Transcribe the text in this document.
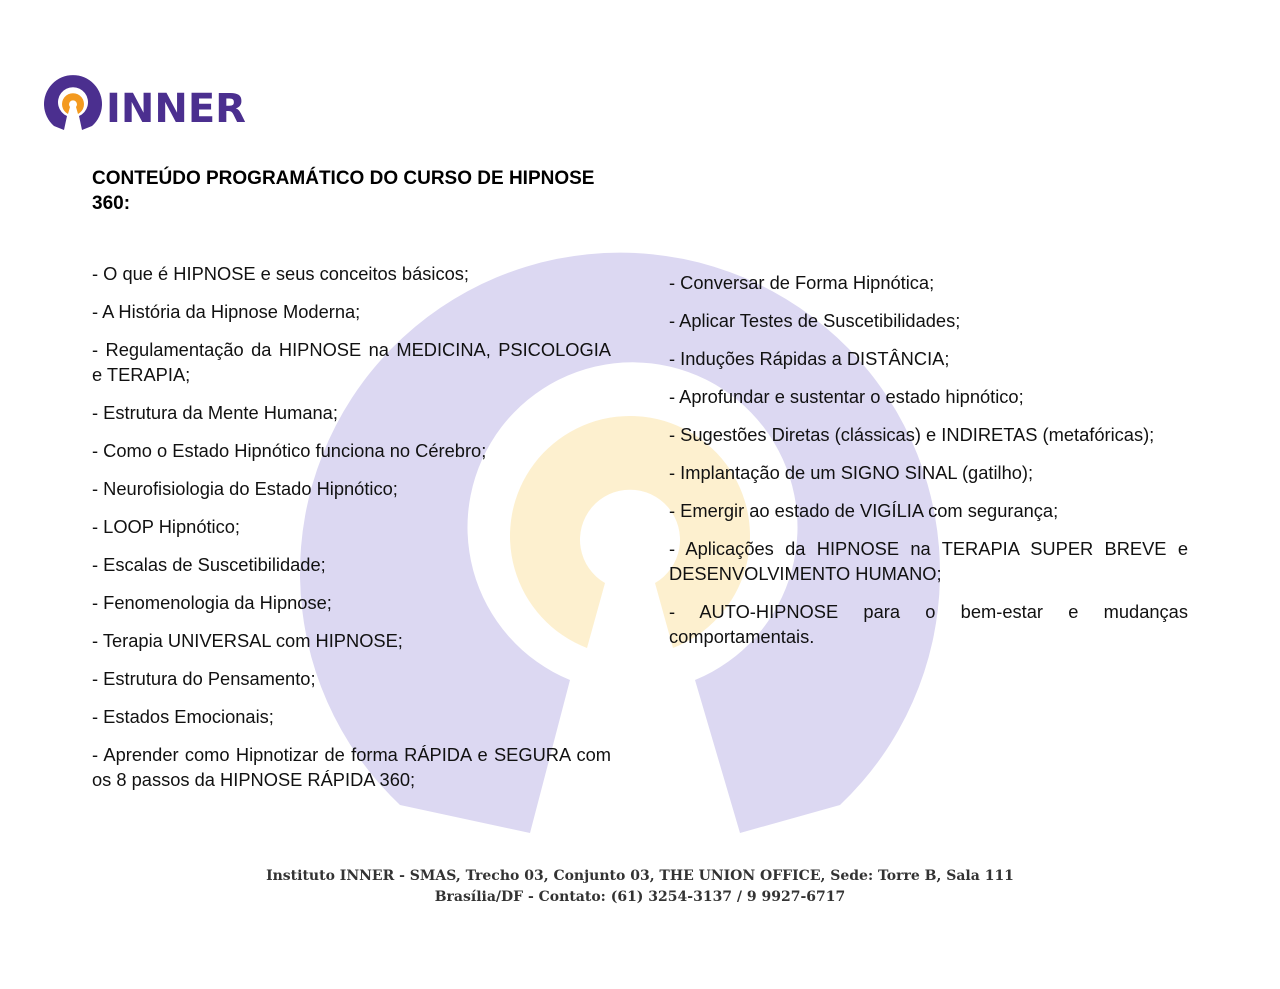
INNER
CONTEÚDO PROGRAMÁTICO DO CURSO DE HIPNOSE 360:
- O que é HIPNOSE e seus conceitos básicos;
- A História da Hipnose Moderna;
- Regulamentação da HIPNOSE na MEDICINA, PSICOLOGIA e TERAPIA;
- Estrutura da Mente Humana;
- Como o Estado Hipnótico funciona no Cérebro;
- Neurofisiologia do Estado Hipnótico;
- LOOP Hipnótico;
- Escalas de Suscetibilidade;
- Fenomenologia da Hipnose;
- Terapia UNIVERSAL com HIPNOSE;
- Estrutura do Pensamento;
- Estados Emocionais;
- Aprender como Hipnotizar de forma RÁPIDA e SEGURA com os 8 passos da HIPNOSE RÁPIDA 360;
- Conversar de Forma Hipnótica;
- Aplicar Testes de Suscetibilidades;
- Induções Rápidas a DISTÂNCIA;
- Aprofundar e sustentar o estado hipnótico;
- Sugestões Diretas (clássicas) e INDIRETAS (metafóricas);
- Implantação de um SIGNO SINAL (gatilho);
- Emergir ao estado de VIGÍLIA com segurança;
- Aplicações da HIPNOSE na TERAPIA SUPER BREVE e DESENVOLVIMENTO HUMANO;
- AUTO-HIPNOSE para o bem-estar e mudanças comportamentais.
Instituto INNER - SMAS, Trecho 03, Conjunto 03, THE UNION OFFICE, Sede: Torre B, Sala 111
Brasília/DF - Contato: (61) 3254-3137 / 9 9927-6717
